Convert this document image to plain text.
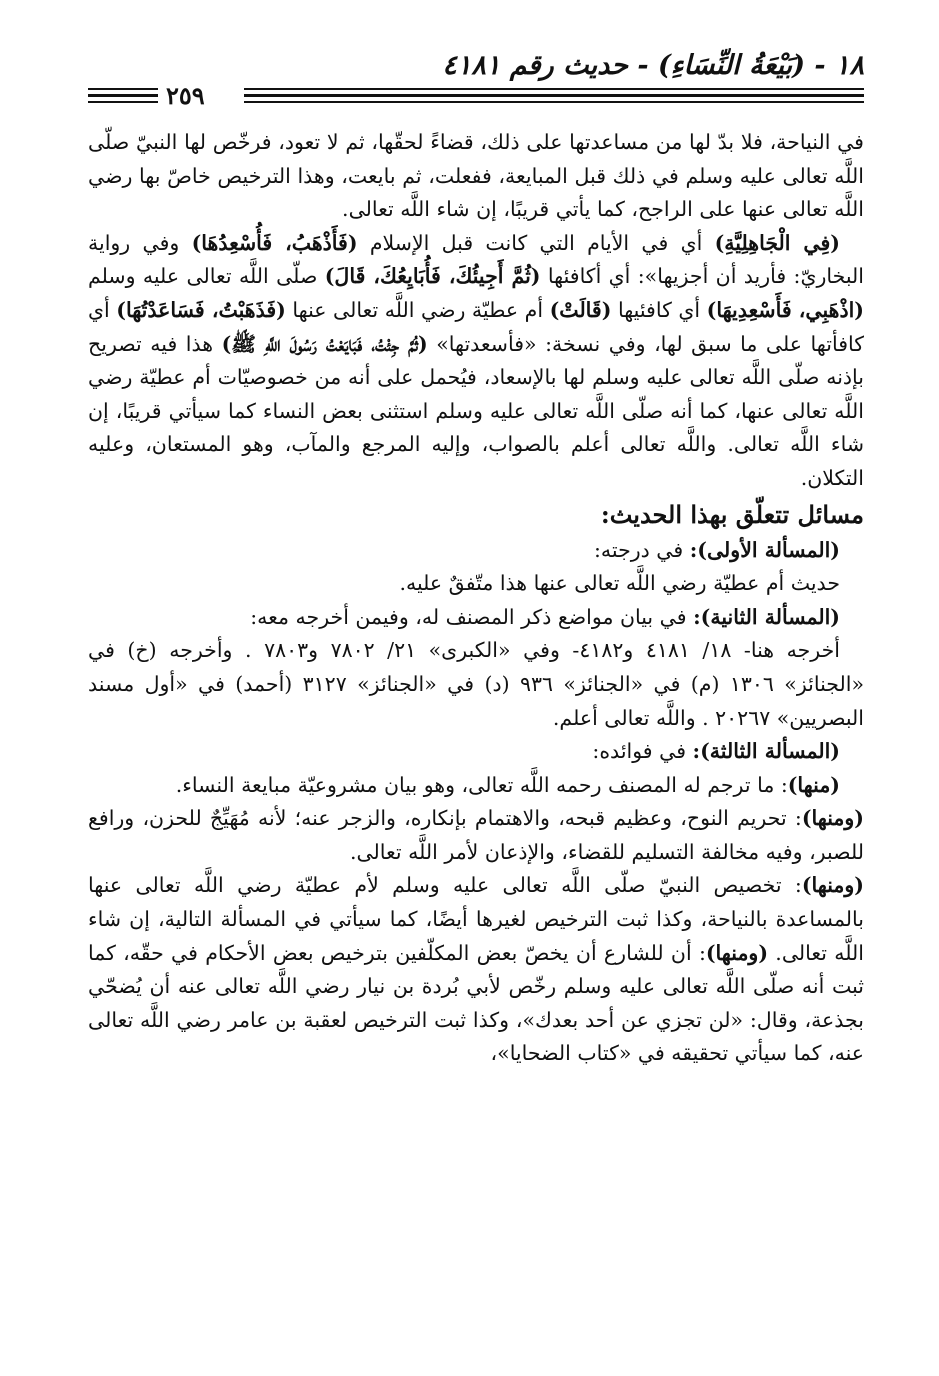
١٨ - (بَيْعَةُ النِّسَاءِ) - حديث رقم ٤١٨١
٢٥٩

في النياحة، فلا بدّ لها من مساعدتها على ذلك، قضاءً لحقّها، ثم لا تعود، فرخّص لها النبيّ صلّى اللَّه تعالى عليه وسلم في ذلك قبل المبايعة، ففعلت، ثم بايعت، وهذا الترخيص خاصّ بها رضي اللَّه تعالى عنها على الراجح، كما يأتي قريبًا، إن شاء اللَّه تعالى.

(فِي الْجَاهِلِيَّةِ) أي في الأيام التي كانت قبل الإسلام (فَأَذْهَبُ، فَأُسْعِدُهَا) وفي رواية البخاريّ: فأريد أن أجزيها»: أي أكافئها (ثُمَّ أَجِيئُكَ، فَأُبَايِعُكَ، قَالَ) صلّى اللَّه تعالى عليه وسلم (اذْهَبِي، فَأَسْعِدِيهَا) أي كافئيها (قَالَتْ) أم عطيّة رضي اللَّه تعالى عنها (فَذَهَبْتُ، فَسَاعَدْتُهَا) أي كافأتها على ما سبق لها، وفي نسخة: «فأسعدتها» (ثُمَّ جِئْتُ، فَبَايَعْتُ رَسُولَ اللَّهِ ﷺ) هذا فيه تصريح بإذنه صلّى اللَّه تعالى عليه وسلم لها بالإسعاد، فيُحمل على أنه من خصوصيّات أم عطيّة رضي اللَّه تعالى عنها، كما أنه صلّى اللَّه تعالى عليه وسلم استثنى بعض النساء كما سيأتي قريبًا، إن شاء اللَّه تعالى. واللَّه تعالى أعلم بالصواب، وإليه المرجع والمآب، وهو المستعان، وعليه التكلان.

مسائل تتعلّق بهذا الحديث:

(المسألة الأولى): في درجته:

حديث أم عطيّة رضي اللَّه تعالى عنها هذا متّفقٌ عليه.

(المسألة الثانية): في بيان مواضع ذكر المصنف له، وفيمن أخرجه معه:

أخرجه هنا- ١٨/ ٤١٨١ و٤١٨٢- وفي «الكبرى» ٢١/ ٧٨٠٢ و٧٨٠٣ . وأخرجه (خ) في «الجنائز» ١٣٠٦ (م) في «الجنائز» ٩٣٦ (د) في «الجنائز» ٣١٢٧ (أحمد) في «أول مسند البصريين» ٢٠٢٦٧ . واللَّه تعالى أعلم.

(المسألة الثالثة): في فوائده:

(منها): ما ترجم له المصنف رحمه اللَّه تعالى، وهو بيان مشروعيّة مبايعة النساء.

(ومنها): تحريم النوح، وعظيم قبحه، والاهتمام بإنكاره، والزجر عنه؛ لأنه مُهَيِّجٌ للحزن، ورافع للصبر، وفيه مخالفة التسليم للقضاء، والإذعان لأمر اللَّه تعالى.

(ومنها): تخصيص النبيّ صلّى اللَّه تعالى عليه وسلم لأم عطيّة رضي اللَّه تعالى عنها بالمساعدة بالنياحة، وكذا ثبت الترخيص لغيرها أيضًا، كما سيأتي في المسألة التالية، إن شاء اللَّه تعالى. (ومنها): أن للشارع أن يخصّ بعض المكلّفين بترخيص بعض الأحكام في حقّه، كما ثبت أنه صلّى اللَّه تعالى عليه وسلم رخّص لأبي بُردة بن نيار رضي اللَّه تعالى عنه أن يُضحّي بجذعة، وقال: «لن تجزي عن أحد بعدك»، وكذا ثبت الترخيص لعقبة بن عامر رضي اللَّه تعالى عنه، كما سيأتي تحقيقه في «كتاب الضحايا»،
